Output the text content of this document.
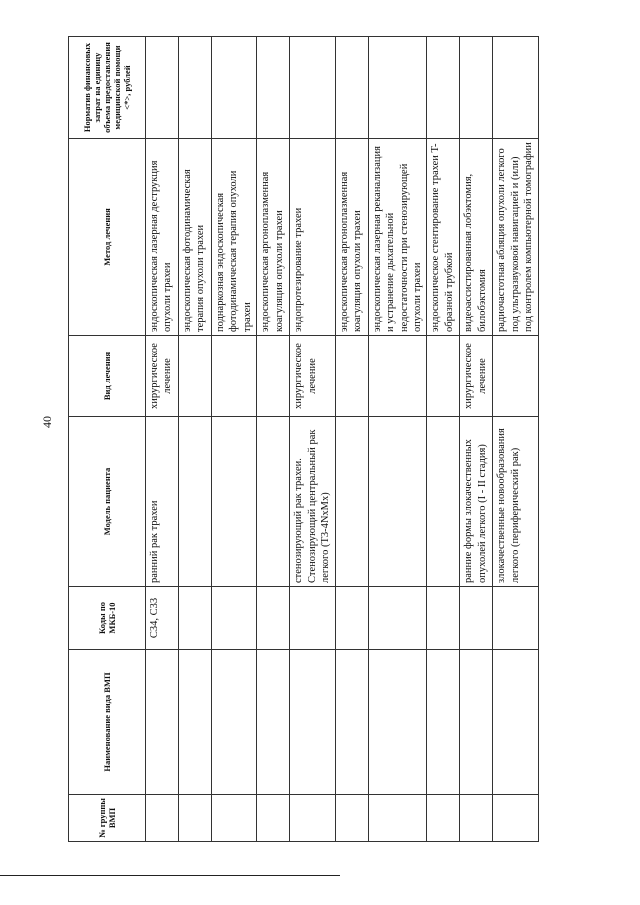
40
№ группы ВМП	Наименование вида ВМП	Коды по МКБ-10	Модель пациента	Вид лечения	Метод лечения	Норматив финансовых затрат на единицу объема предоставления медицинской помощи <*>, рублей
		C34, C33	ранний рак трахеи	хирургическое лечение	эндоскопическая лазерная деструкция опухоли трахеи	
					эндоскопическая фотодинамическая терапия опухоли трахеи	
					поднаркозная эндоскопическая фотодинамическая терапия опухоли трахеи	
					эндоскопическая аргоноплазменная коагуляция опухоли трахеи	
			стенозирующий рак трахеи. Стенозирующий центральный рак легкого (T3-4NxMx)	хирургическое лечение	эндопротезирование трахеи	
					эндоскопическая аргоноплазменная коагуляция опухоли трахеи	
					эндоскопическая лазерная реканализация и устранение дыхательной недостаточности при стенозирующей опухоли трахеи	
					эндоскопическое стентирование трахеи T-образной трубкой	
			ранние формы злокачественных опухолей легкого (I - II стадия)	хирургическое лечение	видеоассистированная лобэктомия, билобэктомия	
			злокачественные новообразования легкого (периферический рак)		радиочастотная абляция опухоли легкого под ультразвуковой навигацией и (или) под контролем компьютерной томографии	
